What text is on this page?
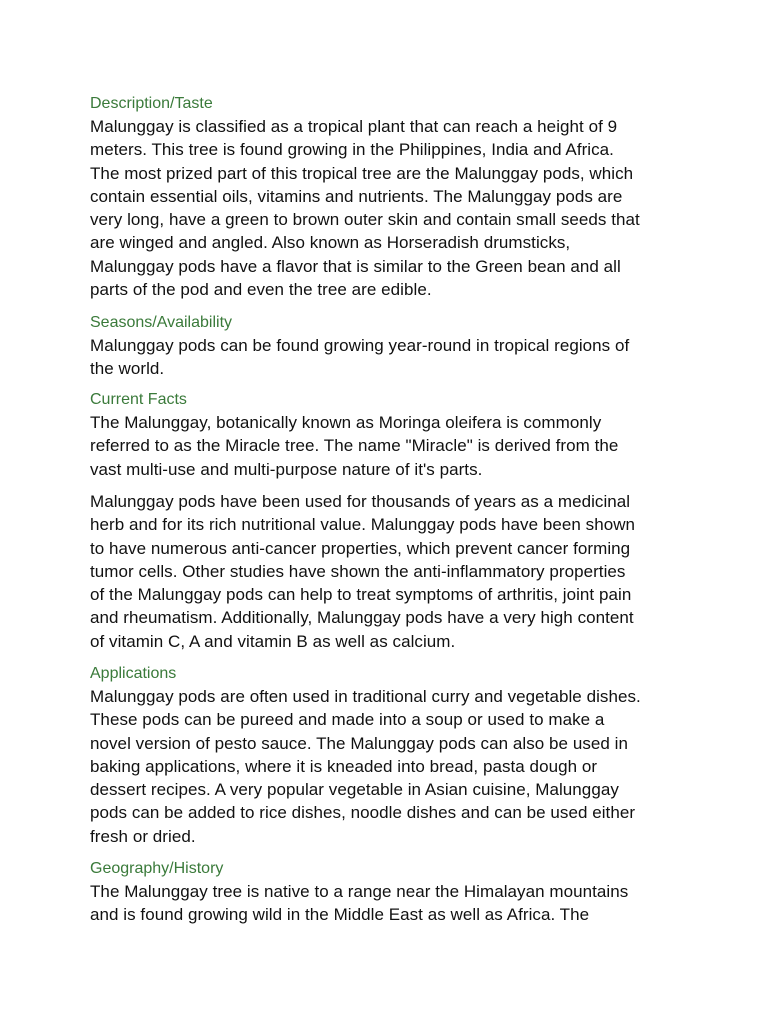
Description/Taste

Malunggay is classified as a tropical plant that can reach a height of 9
meters. This tree is found growing in the Philippines, India and Africa.
The most prized part of this tropical tree are the Malunggay pods, which
contain essential oils, vitamins and nutrients. The Malunggay pods are
very long, have a green to brown outer skin and contain small seeds that
are winged and angled. Also known as Horseradish drumsticks,
Malunggay pods have a flavor that is similar to the Green bean and all
parts of the pod and even the tree are edible.

Seasons/Availability

Malunggay pods can be found growing year-round in tropical regions of
the world.

Current Facts

The Malunggay, botanically known as Moringa oleifera is commonly
referred to as the Miracle tree. The name "Miracle" is derived from the
vast multi-use and multi-purpose nature of it's parts.

Malunggay pods have been used for thousands of years as a medicinal
herb and for its rich nutritional value. Malunggay pods have been shown
to have numerous anti-cancer properties, which prevent cancer forming
tumor cells. Other studies have shown the anti-inflammatory properties
of the Malunggay pods can help to treat symptoms of arthritis, joint pain
and rheumatism. Additionally, Malunggay pods have a very high content
of vitamin C, A and vitamin B as well as calcium.

Applications

Malunggay pods are often used in traditional curry and vegetable dishes.
These pods can be pureed and made into a soup or used to make a
novel version of pesto sauce. The Malunggay pods can also be used in
baking applications, where it is kneaded into bread, pasta dough or
dessert recipes. A very popular vegetable in Asian cuisine, Malunggay
pods can be added to rice dishes, noodle dishes and can be used either
fresh or dried.

Geography/History

The Malunggay tree is native to a range near the Himalayan mountains
and is found growing wild in the Middle East as well as Africa. The
